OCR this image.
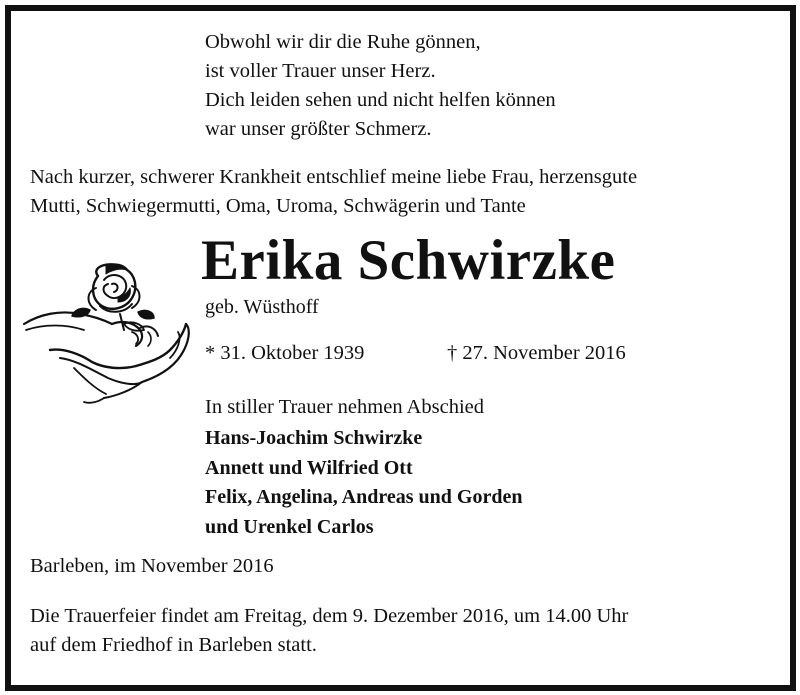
Obwohl wir dir die Ruhe gönnen,
ist voller Trauer unser Herz.
Dich leiden sehen und nicht helfen können
war unser größter Schmerz.
Nach kurzer, schwerer Krankheit entschlief meine liebe Frau, herzensgute
Mutti, Schwiegermutti, Oma, Uroma, Schwägerin und Tante
Erika Schwirzke
geb. Wüsthoff
* 31. Oktober 1939	† 27. November 2016
In stiller Trauer nehmen Abschied
Hans-Joachim Schwirzke
Annett und Wilfried Ott
Felix, Angelina, Andreas und Gorden
und Urenkel Carlos
Barleben, im November 2016
Die Trauerfeier findet am Freitag, dem 9. Dezember 2016, um 14.00 Uhr
auf dem Friedhof in Barleben statt.
